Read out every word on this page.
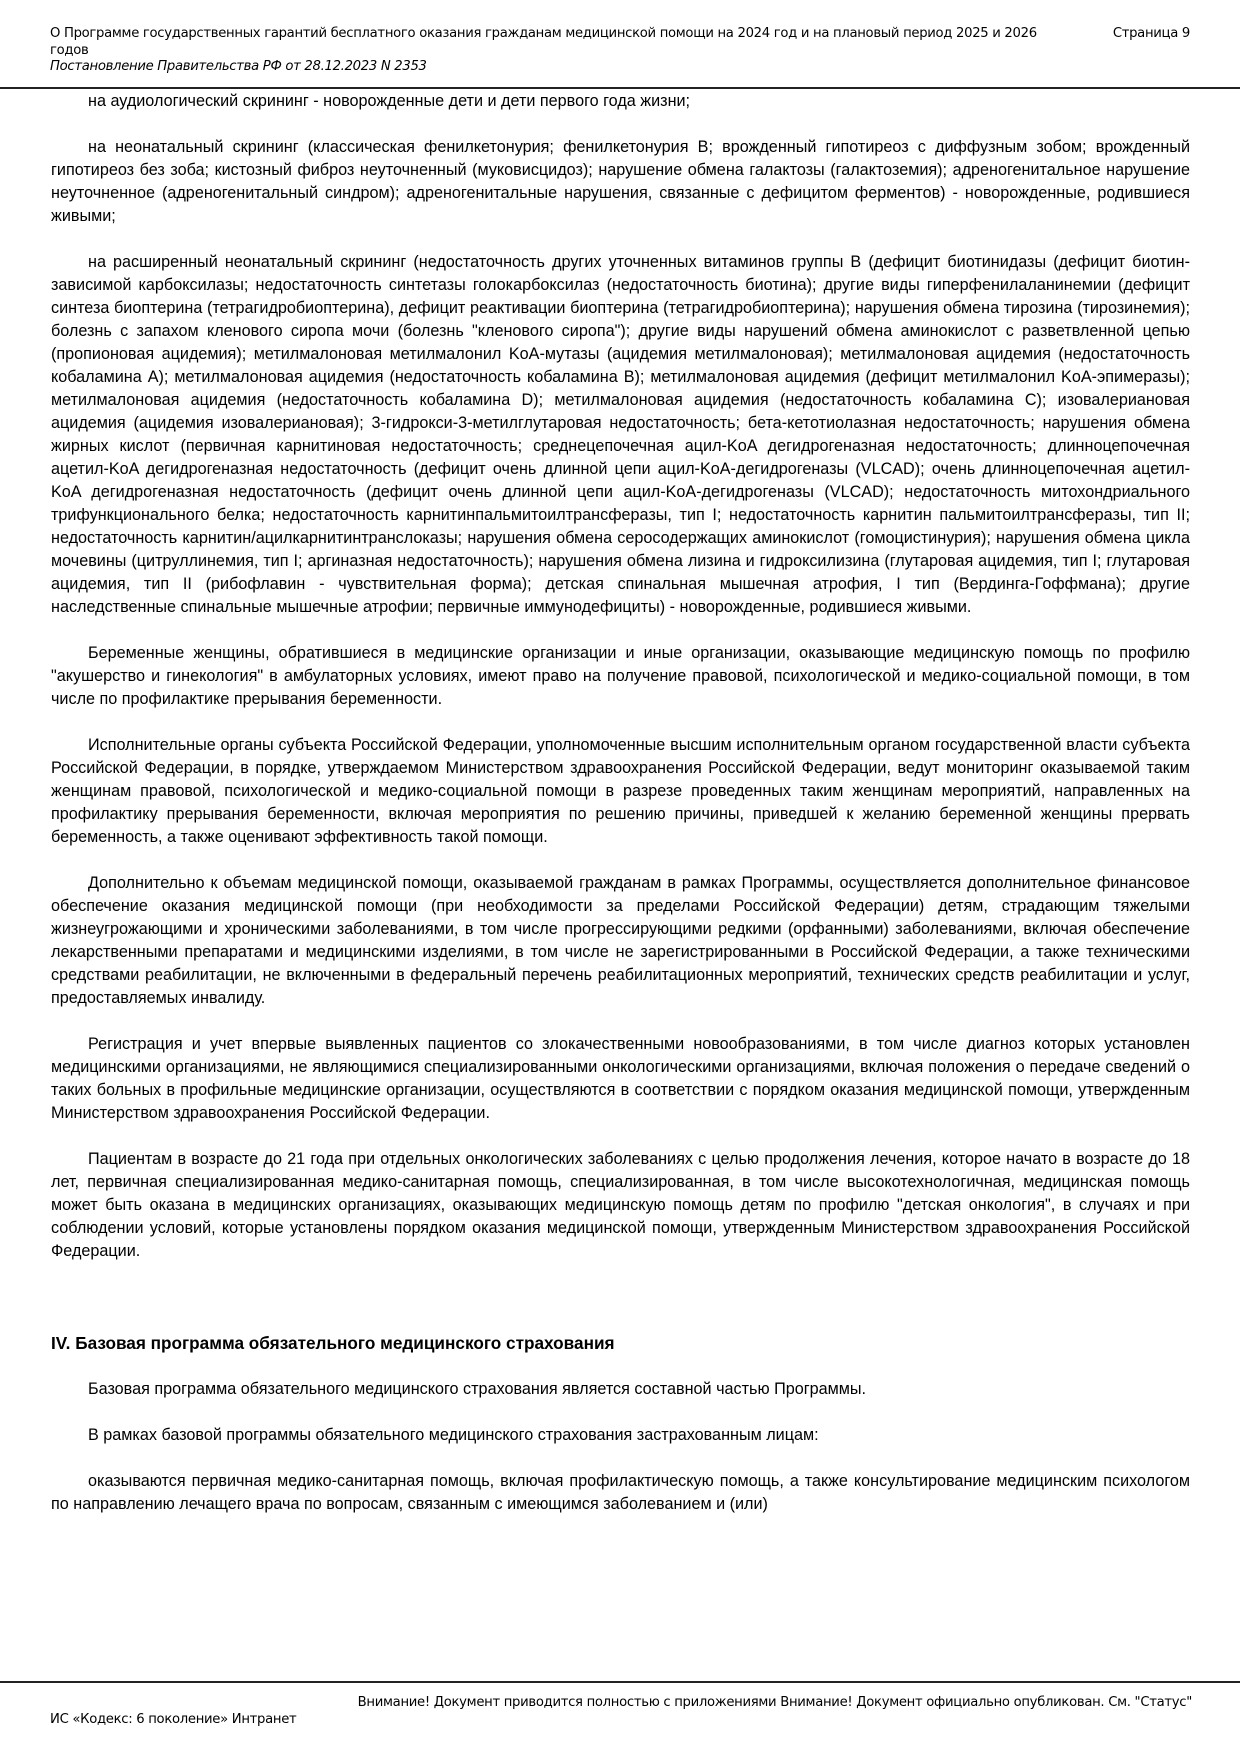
О Программе государственных гарантий бесплатного оказания гражданам медицинской помощи на 2024 год и на плановый период 2025 и 2026 годов
Страница 9
Постановление Правительства РФ от 28.12.2023 N 2353

на аудиологический скрининг - новорожденные дети и дети первого года жизни;

на неонатальный скрининг (классическая фенилкетонурия; фенилкетонурия B; врожденный гипотиреоз с диффузным зобом; врожденный гипотиреоз без зоба; кистозный фиброз неуточненный (муковисцидоз); нарушение обмена галактозы (галактоземия); адреногенитальное нарушение неуточненное (адреногенитальный синдром); адреногенитальные нарушения, связанные с дефицитом ферментов) - новорожденные, родившиеся живыми;

на расширенный неонатальный скрининг (недостаточность других уточненных витаминов группы B (дефицит биотинидазы (дефицит биотин-зависимой карбоксилазы; недостаточность синтетазы голокарбоксилаз (недостаточность биотина); другие виды гиперфенилаланинемии (дефицит синтеза биоптерина (тетрагидробиоптерина), дефицит реактивации биоптерина (тетрагидробиоптерина); нарушения обмена тирозина (тирозинемия); болезнь с запахом кленового сиропа мочи (болезнь "кленового сиропа"); другие виды нарушений обмена аминокислот с разветвленной цепью (пропионовая ацидемия); метилмалоновая метилмалонил KoA-мутазы (ацидемия метилмалоновая); метилмалоновая ацидемия (недостаточность кобаламина A); метилмалоновая ацидемия (недостаточность кобаламина B); метилмалоновая ацидемия (дефицит метилмалонил KoA-эпимеразы); метилмалоновая ацидемия (недостаточность кобаламина D); метилмалоновая ацидемия (недостаточность кобаламина C); изовалериановая ацидемия (ацидемия изовалериановая); 3-гидрокси-3-метилглутаровая недостаточность; бета-кетотиолазная недостаточность; нарушения обмена жирных кислот (первичная карнитиновая недостаточность; среднецепочечная ацил-KoA дегидрогеназная недостаточность; длинноцепочечная ацетил-KoA дегидрогеназная недостаточность (дефицит очень длинной цепи ацил-KoA-дегидрогеназы (VLCAD); очень длинноцепочечная ацетил-KoA дегидрогеназная недостаточность (дефицит очень длинной цепи ацил-KoA-дегидрогеназы (VLCAD); недостаточность митохондриального трифункционального белка; недостаточность карнитинпальмитоилтрансферазы, тип I; недостаточность карнитин пальмитоилтрансферазы, тип II; недостаточность карнитин/ацилкарнитинтранслоказы; нарушения обмена серосодержащих аминокислот (гомоцистинурия); нарушения обмена цикла мочевины (цитруллинемия, тип I; аргиназная недостаточность); нарушения обмена лизина и гидроксилизина (глутаровая ацидемия, тип I; глутаровая ацидемия, тип II (рибофлавин - чувствительная форма); детская спинальная мышечная атрофия, I тип (Вердинга-Гоффмана); другие наследственные спинальные мышечные атрофии; первичные иммунодефициты) - новорожденные, родившиеся живыми.

Беременные женщины, обратившиеся в медицинские организации и иные организации, оказывающие медицинскую помощь по профилю "акушерство и гинекология" в амбулаторных условиях, имеют право на получение правовой, психологической и медико-социальной помощи, в том числе по профилактике прерывания беременности.

Исполнительные органы субъекта Российской Федерации, уполномоченные высшим исполнительным органом государственной власти субъекта Российской Федерации, в порядке, утверждаемом Министерством здравоохранения Российской Федерации, ведут мониторинг оказываемой таким женщинам правовой, психологической и медико-социальной помощи в разрезе проведенных таким женщинам мероприятий, направленных на профилактику прерывания беременности, включая мероприятия по решению причины, приведшей к желанию беременной женщины прервать беременность, а также оценивают эффективность такой помощи.

Дополнительно к объемам медицинской помощи, оказываемой гражданам в рамках Программы, осуществляется дополнительное финансовое обеспечение оказания медицинской помощи (при необходимости за пределами Российской Федерации) детям, страдающим тяжелыми жизнеугрожающими и хроническими заболеваниями, в том числе прогрессирующими редкими (орфанными) заболеваниями, включая обеспечение лекарственными препаратами и медицинскими изделиями, в том числе не зарегистрированными в Российской Федерации, а также техническими средствами реабилитации, не включенными в федеральный перечень реабилитационных мероприятий, технических средств реабилитации и услуг, предоставляемых инвалиду.

Регистрация и учет впервые выявленных пациентов со злокачественными новообразованиями, в том числе диагноз которых установлен медицинскими организациями, не являющимися специализированными онкологическими организациями, включая положения о передаче сведений о таких больных в профильные медицинские организации, осуществляются в соответствии с порядком оказания медицинской помощи, утвержденным Министерством здравоохранения Российской Федерации.

Пациентам в возрасте до 21 года при отдельных онкологических заболеваниях с целью продолжения лечения, которое начато в возрасте до 18 лет, первичная специализированная медико-санитарная помощь, специализированная, в том числе высокотехнологичная, медицинская помощь может быть оказана в медицинских организациях, оказывающих медицинскую помощь детям по профилю "детская онкология", в случаях и при соблюдении условий, которые установлены порядком оказания медицинской помощи, утвержденным Министерством здравоохранения Российской Федерации.

IV. Базовая программа обязательного медицинского страхования

Базовая программа обязательного медицинского страхования является составной частью Программы.

В рамках базовой программы обязательного медицинского страхования застрахованным лицам:

оказываются первичная медико-санитарная помощь, включая профилактическую помощь, а также консультирование медицинским психологом по направлению лечащего врача по вопросам, связанным с имеющимся заболеванием и (или)

Внимание! Документ приводится полностью с приложениями Внимание! Документ официально опубликован. См. "Статус"
ИС «Кодекс: 6 поколение» Интранет
